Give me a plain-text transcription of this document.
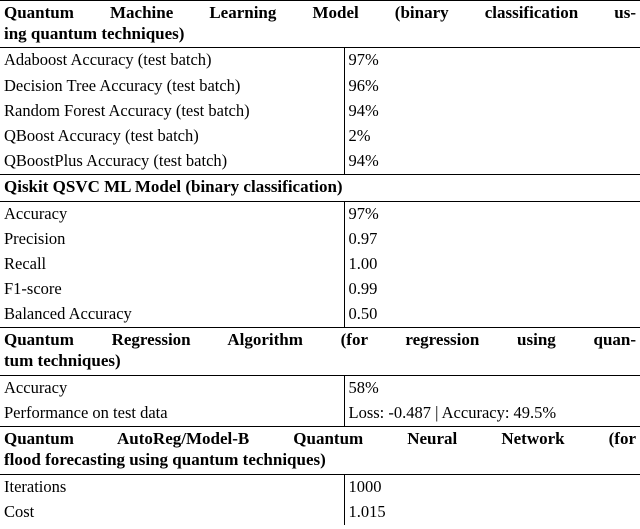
Quantum Machine Learning Model (binary classification us-
ing quantum techniques)	

Adaboost Accuracy (test batch)	97%
Decision Tree Accuracy (test batch)	96%
Random Forest Accuracy (test batch)	94%
QBoost Accuracy (test batch)	2%
QBoostPlus Accuracy (test batch)	94%
Qiskit QSVC ML Model (binary classification)	
Accuracy	97%
Precision	0.97
Recall	1.00
F1-score	0.99
Balanced Accuracy	0.50
Quantum Regression Algorithm (for regression using quan-
tum techniques)	

Accuracy	58%
Performance on test data	Loss: -0.487 | Accuracy: 49.5%
Quantum AutoReg/Model-B Quantum Neural Network (for
flood forecasting using quantum techniques)	

Iterations	1000
Cost	1.015
